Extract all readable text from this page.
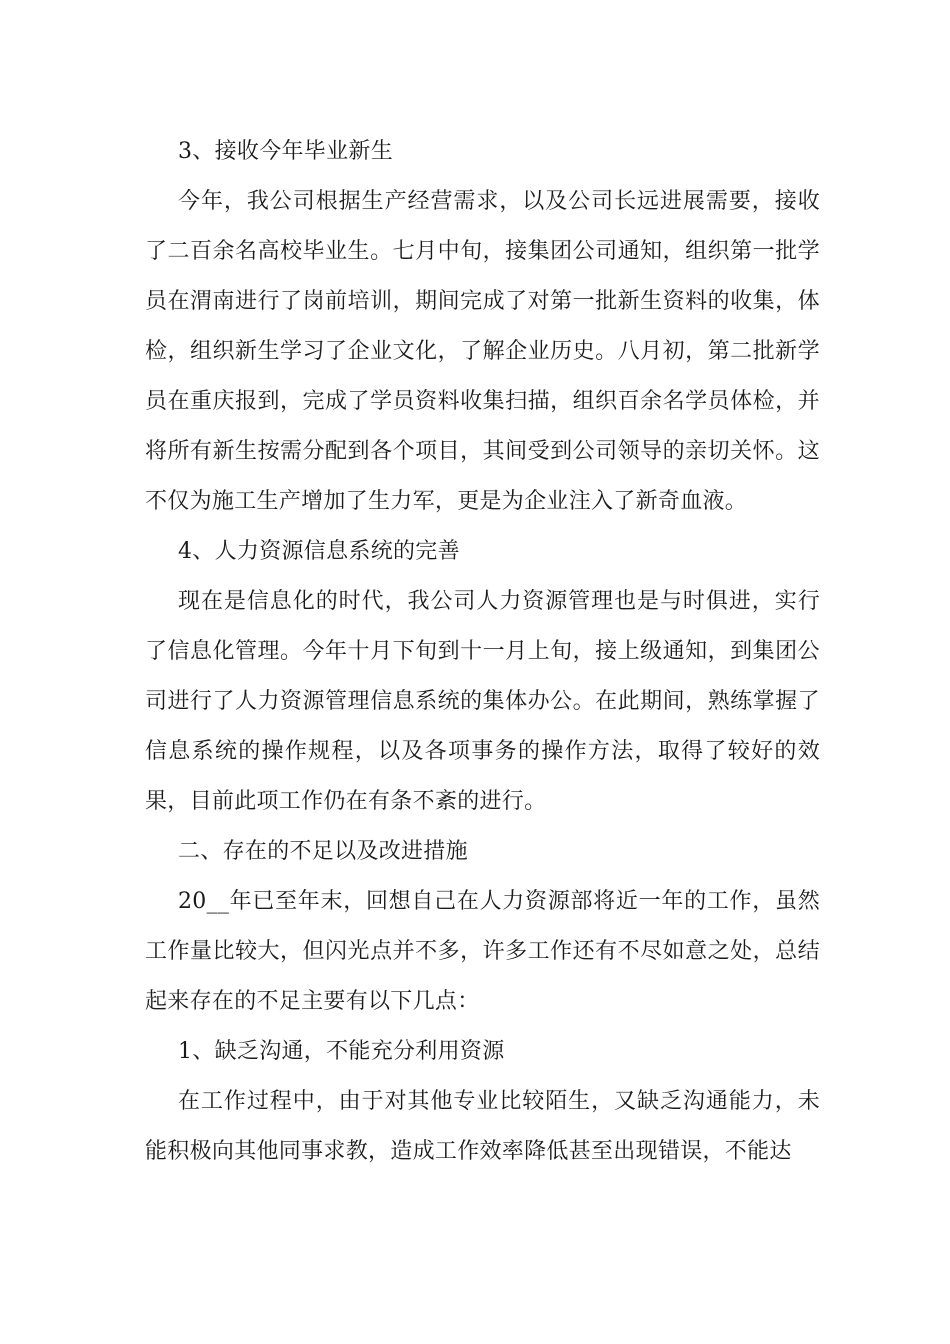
3、接收今年毕业新生

今年，我公司根据生产经营需求，以及公司长远进展需要，接收了二百余名高校毕业生。七月中旬，接集团公司通知，组织第一批学员在渭南进行了岗前培训，期间完成了对第一批新生资料的收集，体检，组织新生学习了企业文化，了解企业历史。八月初，第二批新学员在重庆报到，完成了学员资料收集扫描，组织百余名学员体检，并将所有新生按需分配到各个项目，其间受到公司领导的亲切关怀。这不仅为施工生产增加了生力军，更是为企业注入了新奇血液。

4、人力资源信息系统的完善

现在是信息化的时代，我公司人力资源管理也是与时俱进，实行了信息化管理。今年十月下旬到十一月上旬，接上级通知，到集团公司进行了人力资源管理信息系统的集体办公。在此期间，熟练掌握了信息系统的操作规程，以及各项事务的操作方法，取得了较好的效果，目前此项工作仍在有条不紊的进行。

二、存在的不足以及改进措施

20__年已至年末，回想自己在人力资源部将近一年的工作，虽然工作量比较大，但闪光点并不多，许多工作还有不尽如意之处，总结起来存在的不足主要有以下几点：

1、缺乏沟通，不能充分利用资源

在工作过程中，由于对其他专业比较陌生，又缺乏沟通能力，未能积极向其他同事求教，造成工作效率降低甚至出现错误，不能达
